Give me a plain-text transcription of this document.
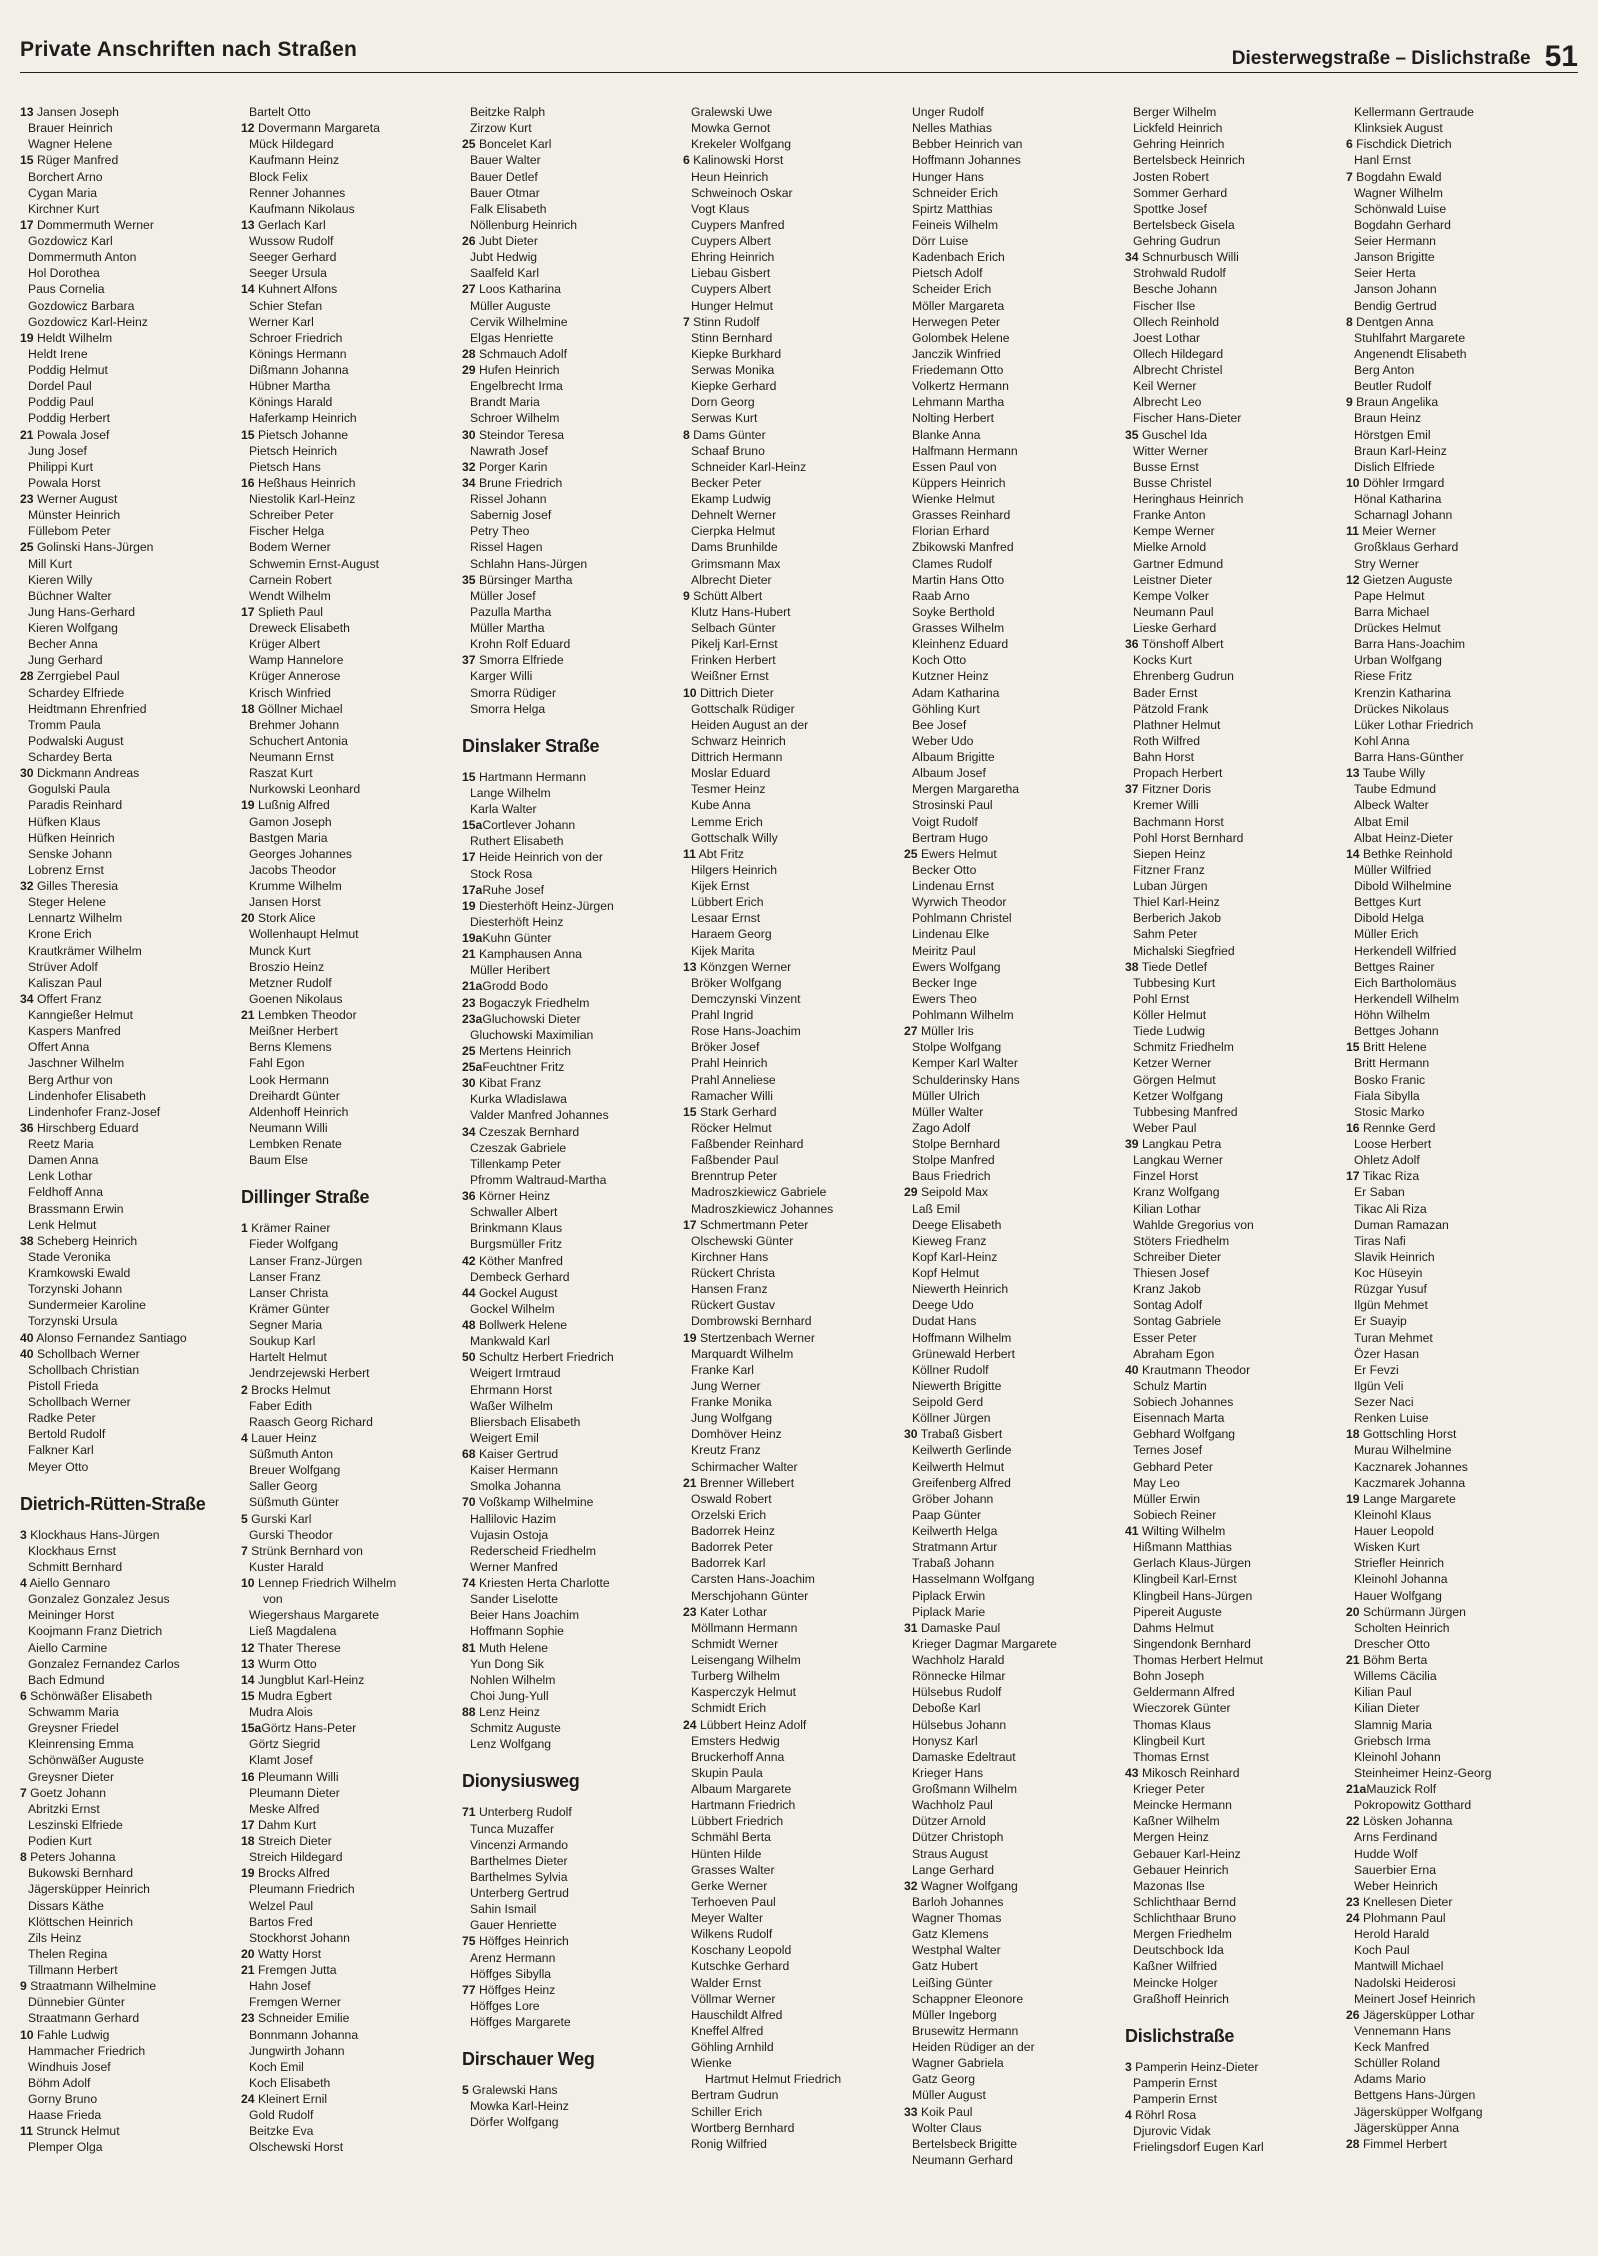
Private Anschriften nach Straßen	Diesterwegstraße – Dislichstraße 51
13 Jansen Joseph
Brauer Heinrich
Wagner Helene
15 Rüger Manfred
Borchert Arno
Cygan Maria
Kirchner Kurt
17 Dommermuth Werner
Gozdowicz Karl
Dommermuth Anton
Hol Dorothea
Paus Cornelia
Gozdowicz Barbara
Gozdowicz Karl-Heinz
19 Heldt Wilhelm
Heldt Irene
Poddig Helmut
Dordel Paul
Poddig Paul
Poddig Herbert
21 Powala Josef
Jung Josef
Philippi Kurt
Powala Horst
23 Werner August
Münster Heinrich
Füllebom Peter
25 Golinski Hans-Jürgen
Mill Kurt
Kieren Willy
Büchner Walter
Jung Hans-Gerhard
Kieren Wolfgang
Becher Anna
Jung Gerhard
28 Zerrgiebel Paul
Schardey Elfriede
Heidtmann Ehrenfried
Tromm Paula
Podwalski August
Schardey Berta
30 Dickmann Andreas
Gogulski Paula
Paradis Reinhard
Hüfken Klaus
Hüfken Heinrich
Senske Johann
Lobrenz Ernst
32 Gilles Theresia
Steger Helene
Lennartz Wilhelm
Krone Erich
Krautkrämer Wilhelm
Strüver Adolf
Kaliszan Paul
34 Offert Franz
Kanngießer Helmut
Kaspers Manfred
Offert Anna
Jaschner Wilhelm
Berg Arthur von
Lindenhofer Elisabeth
Lindenhofer Franz-Josef
36 Hirschberg Eduard
Reetz Maria
Damen Anna
Lenk Lothar
Feldhoff Anna
Brassmann Erwin
Lenk Helmut
38 Scheberg Heinrich
Stade Veronika
Kramkowski Ewald
Torzynski Johann
Sundermeier Karoline
Torzynski Ursula
40 Alonso Fernandez Santiago
40 Schollbach Werner
Schollbach Christian
Pistoll Frieda
Schollbach Werner
Radke Peter
Bertold Rudolf
Falkner Karl
Meyer Otto
Dietrich-Rütten-Straße
3 Klockhaus Hans-Jürgen
Klockhaus Ernst
Schmitt Bernhard
4 Aiello Gennaro
Gonzalez Gonzalez Jesus
Meininger Horst
Koojmann Franz Dietrich
Aiello Carmine
Gonzalez Fernandez Carlos
Bach Edmund
6 Schönwäßer Elisabeth
Schwamm Maria
Greysner Friedel
Kleinrensing Emma
Schönwäßer Auguste
Greysner Dieter
7 Goetz Johann
Abritzki Ernst
Leszinski Elfriede
Podien Kurt
8 Peters Johanna
Bukowski Bernhard
Jägersküpper Heinrich
Dissars Käthe
Klöttschen Heinrich
Zils Heinz
Thelen Regina
Tillmann Herbert
9 Straatmann Wilhelmine
Dünnebier Günter
Straatmann Gerhard
10 Fahle Ludwig
Hammacher Friedrich
Windhuis Josef
Böhm Adolf
Gorny Bruno
Haase Frieda
11 Strunck Helmut
Plemper Olga
Bartelt Otto
12 Dovermann Margareta
Mück Hildegard
Kaufmann Heinz
Block Felix
Renner Johannes
Kaufmann Nikolaus
13 Gerlach Karl
Wussow Rudolf
Seeger Gerhard
Seeger Ursula
14 Kuhnert Alfons
Schier Stefan
Werner Karl
Schroer Friedrich
Könings Hermann
Dißmann Johanna
Hübner Martha
Könings Harald
Haferkamp Heinrich
15 Pietsch Johanne
Pietsch Heinrich
Pietsch Hans
16 Heßhaus Heinrich
Niestolik Karl-Heinz
Schreiber Peter
Fischer Helga
Bodem Werner
Schwemin Ernst-August
Carnein Robert
Wendt Wilhelm
17 Splieth Paul
Dreweck Elisabeth
Krüger Albert
Wamp Hannelore
Krüger Annerose
Krisch Winfried
18 Göllner Michael
Brehmer Johann
Schuchert Antonia
Neumann Ernst
Raszat Kurt
Nurkowski Leonhard
19 Lußnig Alfred
Gamon Joseph
Bastgen Maria
Georges Johannes
Jacobs Theodor
Krumme Wilhelm
Jansen Horst
20 Stork Alice
Wollenhaupt Helmut
Munck Kurt
Broszio Heinz
Metzner Rudolf
Goenen Nikolaus
21 Lembken Theodor
Meißner Herbert
Berns Klemens
Fahl Egon
Look Hermann
Dreihardt Günter
Aldenhoff Heinrich
Neumann Willi
Lembken Renate
Baum Else
Dillinger Straße
1 Krämer Rainer
Fieder Wolfgang
Lanser Franz-Jürgen
Lanser Franz
Lanser Christa
Krämer Günter
Segner Maria
Soukup Karl
Hartelt Helmut
Jendrzejewski Herbert
2 Brocks Helmut
Faber Edith
Raasch Georg Richard
4 Lauer Heinz
Süßmuth Anton
Breuer Wolfgang
Saller Georg
Süßmuth Günter
5 Gurski Karl
Gurski Theodor
7 Strünk Bernhard von
Kuster Harald
10 Lennep Friedrich Wilhelm
von
Wiegershaus Margarete
Ließ Magdalena
12 Thater Therese
13 Wurm Otto
14 Jungblut Karl-Heinz
15 Mudra Egbert
Mudra Alois
15aGörtz Hans-Peter
Görtz Siegrid
Klamt Josef
16 Pleumann Willi
Pleumann Dieter
Meske Alfred
17 Dahm Kurt
18 Streich Dieter
Streich Hildegard
19 Brocks Alfred
Pleumann Friedrich
Welzel Paul
Bartos Fred
Stockhorst Johann
20 Watty Horst
21 Fremgen Jutta
Hahn Josef
Fremgen Werner
23 Schneider Emilie
Bonnmann Johanna
Jungwirth Johann
Koch Emil
Koch Elisabeth
24 Kleinert Ernil
Gold Rudolf
Beitzke Eva
Olschewski Horst
Beitzke Ralph
Zirzow Kurt
25 Boncelet Karl
Bauer Walter
Bauer Detlef
Bauer Otmar
Falk Elisabeth
Nöllenburg Heinrich
26 Jubt Dieter
Jubt Hedwig
Saalfeld Karl
27 Loos Katharina
Müller Auguste
Cervik Wilhelmine
Elgas Henriette
28 Schmauch Adolf
29 Hufen Heinrich
Engelbrecht Irma
Brandt Maria
Schroer Wilhelm
30 Steindor Teresa
Nawrath Josef
32 Porger Karin
34 Brune Friedrich
Rissel Johann
Sabernig Josef
Petry Theo
Rissel Hagen
Schlahn Hans-Jürgen
35 Bürsinger Martha
Müller Josef
Pazulla Martha
Müller Martha
Krohn Rolf Eduard
37 Smorra Elfriede
Karger Willi
Smorra Rüdiger
Smorra Helga
Dinslaker Straße
15 Hartmann Hermann
Lange Wilhelm
Karla Walter
15aCortlever Johann
Ruthert Elisabeth
17 Heide Heinrich von der
Stock Rosa
17aRuhe Josef
19 Diesterhöft Heinz-Jürgen
Diesterhöft Heinz
19aKuhn Günter
21 Kamphausen Anna
Müller Heribert
21aGrodd Bodo
23 Bogaczyk Friedhelm
23aGluchowski Dieter
Gluchowski Maximilian
25 Mertens Heinrich
25aFeuchtner Fritz
30 Kibat Franz
Kurka Wladislawa
Valder Manfred Johannes
34 Czeszak Bernhard
Czeszak Gabriele
Tillenkamp Peter
Pfromm Waltraud-Martha
36 Körner Heinz
Schwaller Albert
Brinkmann Klaus
Burgsmüller Fritz
42 Köther Manfred
Dembeck Gerhard
44 Gockel August
Gockel Wilhelm
48 Bollwerk Helene
Mankwald Karl
50 Schultz Herbert Friedrich
Weigert Irmtraud
Ehrmann Horst
Waßer Wilhelm
Bliersbach Elisabeth
Weigert Emil
68 Kaiser Gertrud
Kaiser Hermann
Smolka Johanna
70 Voßkamp Wilhelmine
Hallilovic Hazim
Vujasin Ostoja
Rederscheid Friedhelm
Werner Manfred
74 Kriesten Herta Charlotte
Sander Liselotte
Beier Hans Joachim
Hoffmann Sophie
81 Muth Helene
Yun Dong Sik
Nohlen Wilhelm
Choi Jung-Yull
88 Lenz Heinz
Schmitz Auguste
Lenz Wolfgang
Dionysiusweg
71 Unterberg Rudolf
Tunca Muzaffer
Vincenzi Armando
Barthelmes Dieter
Barthelmes Sylvia
Unterberg Gertrud
Sahin Ismail
Gauer Henriette
75 Höffges Heinrich
Arenz Hermann
Höffges Sibylla
77 Höffges Heinz
Höffges Lore
Höffges Margarete
Dirschauer Weg
5 Gralewski Hans
Mowka Karl-Heinz
Dörfer Wolfgang
Gralewski Uwe
Mowka Gernot
Krekeler Wolfgang
6 Kalinowski Horst
Heun Heinrich
Schweinoch Oskar
Vogt Klaus
Cuypers Manfred
Cuypers Albert
Ehring Heinrich
Liebau Gisbert
Cuypers Albert
Hunger Helmut
7 Stinn Rudolf
Stinn Bernhard
Kiepke Burkhard
Serwas Monika
Kiepke Gerhard
Dorn Georg
Serwas Kurt
8 Dams Günter
Schaaf Bruno
Schneider Karl-Heinz
Becker Peter
Ekamp Ludwig
Dehnelt Werner
Cierpka Helmut
Dams Brunhilde
Grimsmann Max
Albrecht Dieter
9 Schütt Albert
Klutz Hans-Hubert
Selbach Günter
Pikelj Karl-Ernst
Frinken Herbert
Weißner Ernst
10 Dittrich Dieter
Gottschalk Rüdiger
Heiden August an der
Schwarz Heinrich
Dittrich Hermann
Moslar Eduard
Tesmer Heinz
Kube Anna
Lemme Erich
Gottschalk Willy
11 Abt Fritz
Hilgers Heinrich
Kijek Ernst
Lübbert Erich
Lesaar Ernst
Haraem Georg
Kijek Marita
13 Könzgen Werner
Bröker Wolfgang
Demczynski Vinzent
Prahl Ingrid
Rose Hans-Joachim
Bröker Josef
Prahl Heinrich
Prahl Anneliese
Ramacher Willi
15 Stark Gerhard
Röcker Helmut
Faßbender Reinhard
Faßbender Paul
Brenntrup Peter
Madroszkiewicz Gabriele
Madroszkiewicz Johannes
17 Schmertmann Peter
Olschewski Günter
Kirchner Hans
Rückert Christa
Hansen Franz
Rückert Gustav
Dombrowski Bernhard
19 Stertzenbach Werner
Marquardt Wilhelm
Franke Karl
Jung Werner
Franke Monika
Jung Wolfgang
Domhöver Heinz
Kreutz Franz
Schirmacher Walter
21 Brenner Willebert
Oswald Robert
Orzelski Erich
Badorrek Heinz
Badorrek Peter
Badorrek Karl
Carsten Hans-Joachim
Merschjohann Günter
23 Kater Lothar
Möllmann Hermann
Schmidt Werner
Leisengang Wilhelm
Turberg Wilhelm
Kasperczyk Helmut
Schmidt Erich
24 Lübbert Heinz Adolf
Emsters Hedwig
Bruckerhoff Anna
Skupin Paula
Albaum Margarete
Hartmann Friedrich
Lübbert Friedrich
Schmähl Berta
Hünten Hilde
Grasses Walter
Gerke Werner
Terhoeven Paul
Meyer Walter
Wilkens Rudolf
Koschany Leopold
Kutschke Gerhard
Walder Ernst
Völlmar Werner
Hauschildt Alfred
Kneffel Alfred
Göhling Arnhild
Wienke
Hartmut Helmut Friedrich
Bertram Gudrun
Schiller Erich
Wortberg Bernhard
Ronig Wilfried
Unger Rudolf
Nelles Mathias
Bebber Heinrich van
Hoffmann Johannes
Hunger Hans
Schneider Erich
Spirtz Matthias
Feineis Wilhelm
Dörr Luise
Kadenbach Erich
Pietsch Adolf
Scheider Erich
Möller Margareta
Herwegen Peter
Golombek Helene
Janczik Winfried
Friedemann Otto
Volkertz Hermann
Lehmann Martha
Nolting Herbert
Blanke Anna
Halfmann Hermann
Essen Paul von
Küppers Heinrich
Wienke Helmut
Grasses Reinhard
Florian Erhard
Zbikowski Manfred
Clames Rudolf
Martin Hans Otto
Raab Arno
Soyke Berthold
Grasses Wilhelm
Kleinhenz Eduard
Koch Otto
Kutzner Heinz
Adam Katharina
Göhling Kurt
Bee Josef
Weber Udo
Albaum Brigitte
Albaum Josef
Mergen Margaretha
Strosinski Paul
Voigt Rudolf
Bertram Hugo
25 Ewers Helmut
Becker Otto
Lindenau Ernst
Wyrwich Theodor
Pohlmann Christel
Lindenau Elke
Meiritz Paul
Ewers Wolfgang
Becker Inge
Ewers Theo
Pohlmann Wilhelm
27 Müller Iris
Stolpe Wolfgang
Kemper Karl Walter
Schulderinsky Hans
Müller Ulrich
Müller Walter
Zago Adolf
Stolpe Bernhard
Stolpe Manfred
Baus Friedrich
29 Seipold Max
Laß Emil
Deege Elisabeth
Kieweg Franz
Kopf Karl-Heinz
Kopf Helmut
Niewerth Heinrich
Deege Udo
Dudat Hans
Hoffmann Wilhelm
Grünewald Herbert
Köllner Rudolf
Niewerth Brigitte
Seipold Gerd
Köllner Jürgen
30 Trabaß Gisbert
Keilwerth Gerlinde
Keilwerth Helmut
Greifenberg Alfred
Gröber Johann
Paap Günter
Keilwerth Helga
Stratmann Artur
Trabaß Johann
Hasselmann Wolfgang
Piplack Erwin
Piplack Marie
31 Damaske Paul
Krieger Dagmar Margarete
Wachholz Harald
Rönnecke Hilmar
Hülsebus Rudolf
Deboße Karl
Hülsebus Johann
Honysz Karl
Damaske Edeltraut
Krieger Hans
Großmann Wilhelm
Wachholz Paul
Dützer Arnold
Dützer Christoph
Straus August
Lange Gerhard
32 Wagner Wolfgang
Barloh Johannes
Wagner Thomas
Gatz Klemens
Westphal Walter
Gatz Hubert
Leißing Günter
Schappner Eleonore
Müller Ingeborg
Brusewitz Hermann
Heiden Rüdiger an der
Wagner Gabriela
Gatz Georg
Müller August
33 Koik Paul
Wolter Claus
Bertelsbeck Brigitte
Neumann Gerhard
Berger Wilhelm
Lickfeld Heinrich
Gehring Heinrich
Bertelsbeck Heinrich
Josten Robert
Sommer Gerhard
Spottke Josef
Bertelsbeck Gisela
Gehring Gudrun
34 Schnurbusch Willi
Strohwald Rudolf
Besche Johann
Fischer Ilse
Ollech Reinhold
Joest Lothar
Ollech Hildegard
Albrecht Christel
Keil Werner
Albrecht Leo
Fischer Hans-Dieter
35 Guschel Ida
Witter Werner
Busse Ernst
Busse Christel
Heringhaus Heinrich
Franke Anton
Kempe Werner
Mielke Arnold
Gartner Edmund
Leistner Dieter
Kempe Volker
Neumann Paul
Lieske Gerhard
36 Tönshoff Albert
Kocks Kurt
Ehrenberg Gudrun
Bader Ernst
Pätzold Frank
Plathner Helmut
Roth Wilfred
Bahn Horst
Propach Herbert
37 Fitzner Doris
Kremer Willi
Bachmann Horst
Pohl Horst Bernhard
Siepen Heinz
Fitzner Franz
Luban Jürgen
Thiel Karl-Heinz
Berberich Jakob
Sahm Peter
Michalski Siegfried
38 Tiede Detlef
Tubbesing Kurt
Pohl Ernst
Köller Helmut
Tiede Ludwig
Schmitz Friedhelm
Ketzer Werner
Görgen Helmut
Ketzer Wolfgang
Tubbesing Manfred
Weber Paul
39 Langkau Petra
Langkau Werner
Finzel Horst
Kranz Wolfgang
Kilian Lothar
Wahlde Gregorius von
Stöters Friedhelm
Schreiber Dieter
Thiesen Josef
Kranz Jakob
Sontag Adolf
Sontag Gabriele
Esser Peter
Abraham Egon
40 Krautmann Theodor
Schulz Martin
Sobiech Johannes
Eisennach Marta
Gebhard Wolfgang
Ternes Josef
Gebhard Peter
May Leo
Müller Erwin
Sobiech Reiner
41 Wilting Wilhelm
Hißmann Matthias
Gerlach Klaus-Jürgen
Klingbeil Karl-Ernst
Klingbeil Hans-Jürgen
Pipereit Auguste
Dahms Helmut
Singendonk Bernhard
Thomas Herbert Helmut
Bohn Joseph
Geldermann Alfred
Wieczorek Günter
Thomas Klaus
Klingbeil Kurt
Thomas Ernst
43 Mikosch Reinhard
Krieger Peter
Meincke Hermann
Kaßner Wilhelm
Mergen Heinz
Gebauer Karl-Heinz
Gebauer Heinrich
Mazonas Ilse
Schlichthaar Bernd
Schlichthaar Bruno
Mergen Friedhelm
Deutschbock Ida
Kaßner Wilfried
Meincke Holger
Graßhoff Heinrich
Dislichstraße
3 Pamperin Heinz-Dieter
Pamperin Ernst
Pamperin Ernst
4 Röhrl Rosa
Djurovic Vidak
Frielingsdorf Eugen Karl
Kellermann Gertraude
Klinksiek August
6 Fischdick Dietrich
Hanl Ernst
7 Bogdahn Ewald
Wagner Wilhelm
Schönwald Luise
Bogdahn Gerhard
Seier Hermann
Janson Brigitte
Seier Herta
Janson Johann
Bendig Gertrud
8 Dentgen Anna
Stuhlfahrt Margarete
Angenendt Elisabeth
Berg Anton
Beutler Rudolf
9 Braun Angelika
Braun Heinz
Hörstgen Emil
Braun Karl-Heinz
Dislich Elfriede
10 Döhler Irmgard
Hönal Katharina
Scharnagl Johann
11 Meier Werner
Großklaus Gerhard
Stry Werner
12 Gietzen Auguste
Pape Helmut
Barra Michael
Drückes Helmut
Barra Hans-Joachim
Urban Wolfgang
Riese Fritz
Krenzin Katharina
Drückes Nikolaus
Lüker Lothar Friedrich
Kohl Anna
Barra Hans-Günther
13 Taube Willy
Taube Edmund
Albeck Walter
Albat Emil
Albat Heinz-Dieter
14 Bethke Reinhold
Müller Wilfried
Dibold Wilhelmine
Bettges Kurt
Dibold Helga
Müller Erich
Herkendell Wilfried
Bettges Rainer
Eich Bartholomäus
Herkendell Wilhelm
Höhn Wilhelm
Bettges Johann
15 Britt Helene
Britt Hermann
Bosko Franic
Fiala Sibylla
Stosic Marko
16 Rennke Gerd
Loose Herbert
Ohletz Adolf
17 Tikac Riza
Er Saban
Tikac Ali Riza
Duman Ramazan
Tiras Nafi
Slavik Heinrich
Koc Hüseyin
Rüzgar Yusuf
Ilgün Mehmet
Er Suayip
Turan Mehmet
Özer Hasan
Er Fevzi
Ilgün Veli
Sezer Naci
Renken Luise
18 Gottschling Horst
Murau Wilhelmine
Kacznarek Johannes
Kaczmarek Johanna
19 Lange Margarete
Kleinohl Klaus
Hauer Leopold
Wisken Kurt
Striefler Heinrich
Kleinohl Johanna
Hauer Wolfgang
20 Schürmann Jürgen
Scholten Heinrich
Drescher Otto
21 Böhm Berta
Willems Cäcilia
Kilian Paul
Kilian Dieter
Slamnig Maria
Griebsch Irma
Kleinohl Johann
Steinheimer Heinz-Georg
21aMauzick Rolf
Pokropowitz Gotthard
22 Lösken Johanna
Arns Ferdinand
Hudde Wolf
Sauerbier Erna
Weber Heinrich
23 Knellesen Dieter
24 Plohmann Paul
Herold Harald
Koch Paul
Mantwill Michael
Nadolski Heiderosi
Meinert Josef Heinrich
26 Jägersküpper Lothar
Vennemann Hans
Keck Manfred
Schüller Roland
Adams Mario
Bettgens Hans-Jürgen
Jägersküpper Wolfgang
Jägersküpper Anna
28 Fimmel Herbert
